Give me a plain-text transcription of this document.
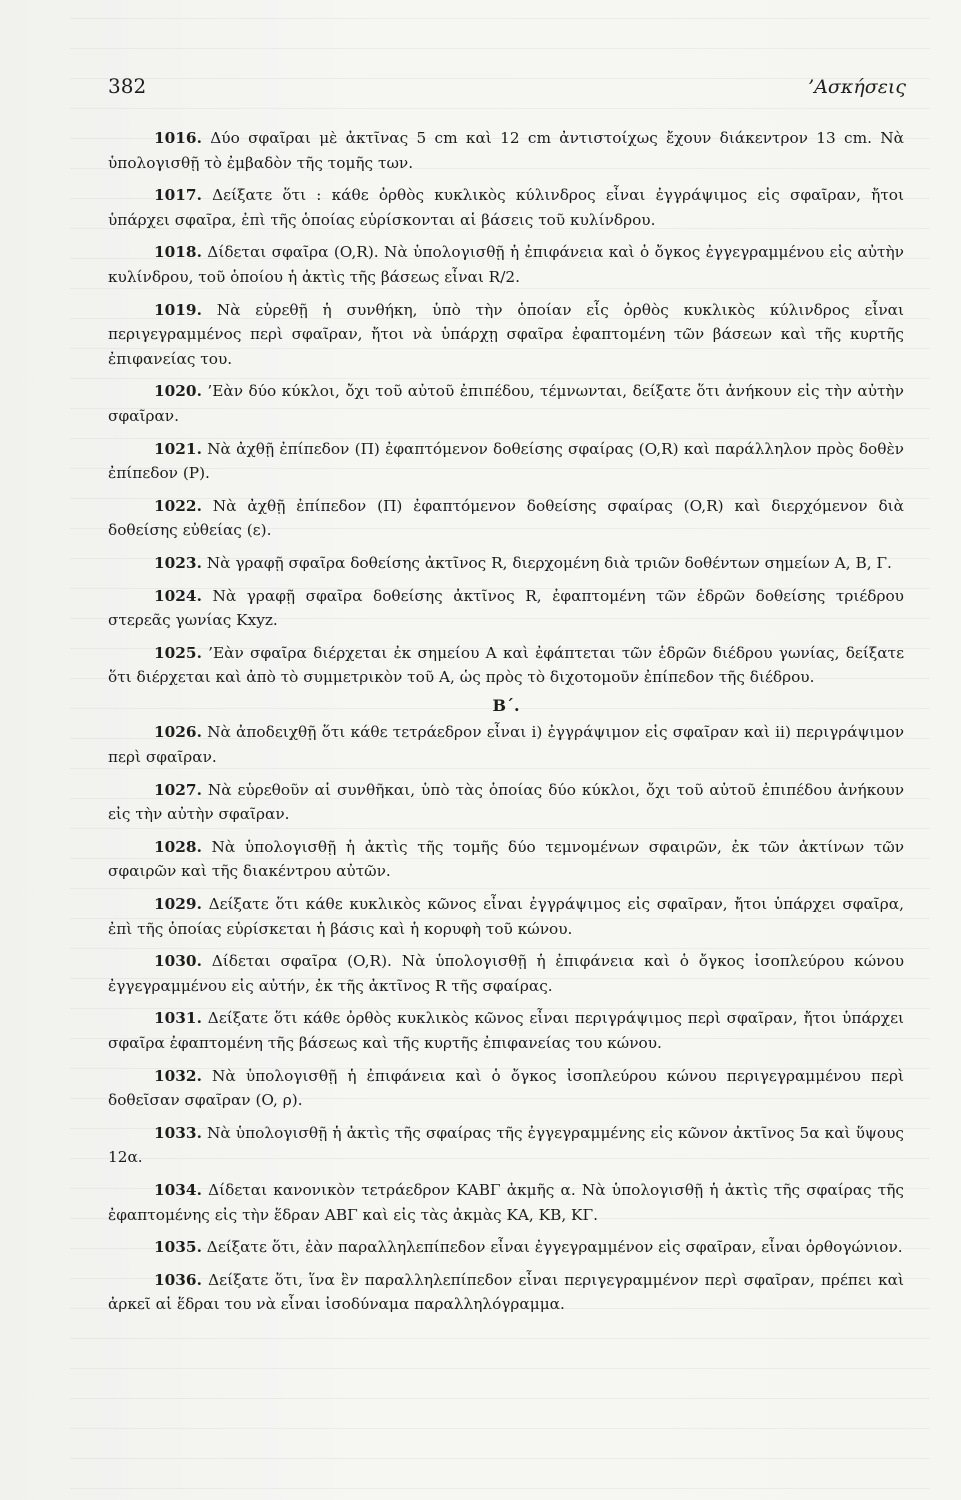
382	’Ασκήσεις

1016. Δύο σφαῖραι μὲ ἀκτῖνας 5 cm καὶ 12 cm ἀντιστοίχως ἔχουν διάκεντρον 13 cm. Νὰ ὑπολογισθῇ τὸ ἐμβαδὸν τῆς τομῆς των.

1017. Δείξατε ὅτι : κάθε ὀρθὸς κυκλικὸς κύλινδρος εἶναι ἐγγράψιμος εἰς σφαῖραν, ἤτοι ὑπάρχει σφαῖρα, ἐπὶ τῆς ὁποίας εὑρίσκονται αἱ βάσεις τοῦ κυλίνδρου.

1018. Δίδεται σφαῖρα (O,R). Νὰ ὑπολογισθῇ ἡ ἐπιφάνεια καὶ ὁ ὄγκος ἐγγεγραμμένου εἰς αὐτὴν κυλίνδρου, τοῦ ὁποίου ἡ ἀκτὶς τῆς βάσεως εἶναι R/2.

1019. Νὰ εὑρεθῇ ἡ συνθήκη, ὑπὸ τὴν ὁποίαν εἷς ὀρθὸς κυκλικὸς κύλινδρος εἶναι περιγεγραμμένος περὶ σφαῖραν, ἤτοι νὰ ὑπάρχῃ σφαῖρα ἐφαπτομένη τῶν βάσεων καὶ τῆς κυρτῆς ἐπιφανείας του.

1020. ’Εὰν δύο κύκλοι, ὄχι τοῦ αὐτοῦ ἐπιπέδου, τέμνωνται, δείξατε ὅτι ἀνήκουν εἰς τὴν αὐτὴν σφαῖραν.

1021. Νὰ ἀχθῇ ἐπίπεδον (Π) ἐφαπτόμενον δοθείσης σφαίρας (O,R) καὶ παράλληλον πρὸς δοθὲν ἐπίπεδον (P).

1022. Νὰ ἀχθῇ ἐπίπεδον (Π) ἐφαπτόμενον δοθείσης σφαίρας (O,R) καὶ διερχόμενον διὰ δοθείσης εὐθείας (ε).

1023. Νὰ γραφῇ σφαῖρα δοθείσης ἀκτῖνος R, διερχομένη διὰ τριῶν δοθέντων σημείων A, B, Γ.

1024. Νὰ γραφῇ σφαῖρα δοθείσης ἀκτῖνος R, ἐφαπτομένη τῶν ἑδρῶν δοθείσης τριέδρου στερεᾶς γωνίας Kxyz.

1025. ’Εὰν σφαῖρα διέρχεται ἐκ σημείου A καὶ ἐφάπτεται τῶν ἑδρῶν διέδρου γωνίας, δείξατε ὅτι διέρχεται καὶ ἀπὸ τὸ συμμετρικὸν τοῦ A, ὡς πρὸς τὸ διχοτομοῦν ἐπίπεδον τῆς διέδρου.

B΄.

1026. Νὰ ἀποδειχθῇ ὅτι κάθε τετράεδρον εἶναι i) ἐγγράψιμον εἰς σφαῖραν καὶ ii) περιγράψιμον περὶ σφαῖραν.

1027. Νὰ εὑρεθοῦν αἱ συνθῆκαι, ὑπὸ τὰς ὁποίας δύο κύκλοι, ὄχι τοῦ αὐτοῦ ἐπιπέδου ἀνήκουν εἰς τὴν αὐτὴν σφαῖραν.

1028. Νὰ ὑπολογισθῇ ἡ ἀκτὶς τῆς τομῆς δύο τεμνομένων σφαιρῶν, ἐκ τῶν ἀκτίνων τῶν σφαιρῶν καὶ τῆς διακέντρου αὐτῶν.

1029. Δείξατε ὅτι κάθε κυκλικὸς κῶνος εἶναι ἐγγράψιμος εἰς σφαῖραν, ἤτοι ὑπάρχει σφαῖρα, ἐπὶ τῆς ὁποίας εὑρίσκεται ἡ βάσις καὶ ἡ κορυφὴ τοῦ κώνου.

1030. Δίδεται σφαῖρα (O,R). Νὰ ὑπολογισθῇ ἡ ἐπιφάνεια καὶ ὁ ὄγκος ἰσοπλεύρου κώνου ἐγγεγραμμένου εἰς αὐτήν, ἐκ τῆς ἀκτῖνος R τῆς σφαίρας.

1031. Δείξατε ὅτι κάθε ὀρθὸς κυκλικὸς κῶνος εἶναι περιγράψιμος περὶ σφαῖραν, ἤτοι ὑπάρχει σφαῖρα ἐφαπτομένη τῆς βάσεως καὶ τῆς κυρτῆς ἐπιφανείας του κώνου.

1032. Νὰ ὑπολογισθῇ ἡ ἐπιφάνεια καὶ ὁ ὄγκος ἰσοπλεύρου κώνου περιγεγραμμένου περὶ δοθεῖσαν σφαῖραν (O, ρ).

1033. Νὰ ὑπολογισθῇ ἡ ἀκτὶς τῆς σφαίρας τῆς ἐγγεγραμμένης εἰς κῶνον ἀκτῖνος 5α καὶ ὕψους 12α.

1034. Δίδεται κανονικὸν τετράεδρον ΚΑΒΓ ἀκμῆς α. Νὰ ὑπολογισθῇ ἡ ἀκτὶς τῆς σφαίρας τῆς ἐφαπτομένης εἰς τὴν ἕδραν ΑΒΓ καὶ εἰς τὰς ἀκμὰς ΚΑ, ΚΒ, ΚΓ.

1035. Δείξατε ὅτι, ἐὰν παραλληλεπίπεδον εἶναι ἐγγεγραμμένον εἰς σφαῖραν, εἶναι ὀρθογώνιον.

1036. Δείξατε ὅτι, ἵνα ἓν παραλληλεπίπεδον εἶναι περιγεγραμμένον περὶ σφαῖραν, πρέπει καὶ ἀρκεῖ αἱ ἕδραι του νὰ εἶναι ἰσοδύναμα παραλληλόγραμμα.
